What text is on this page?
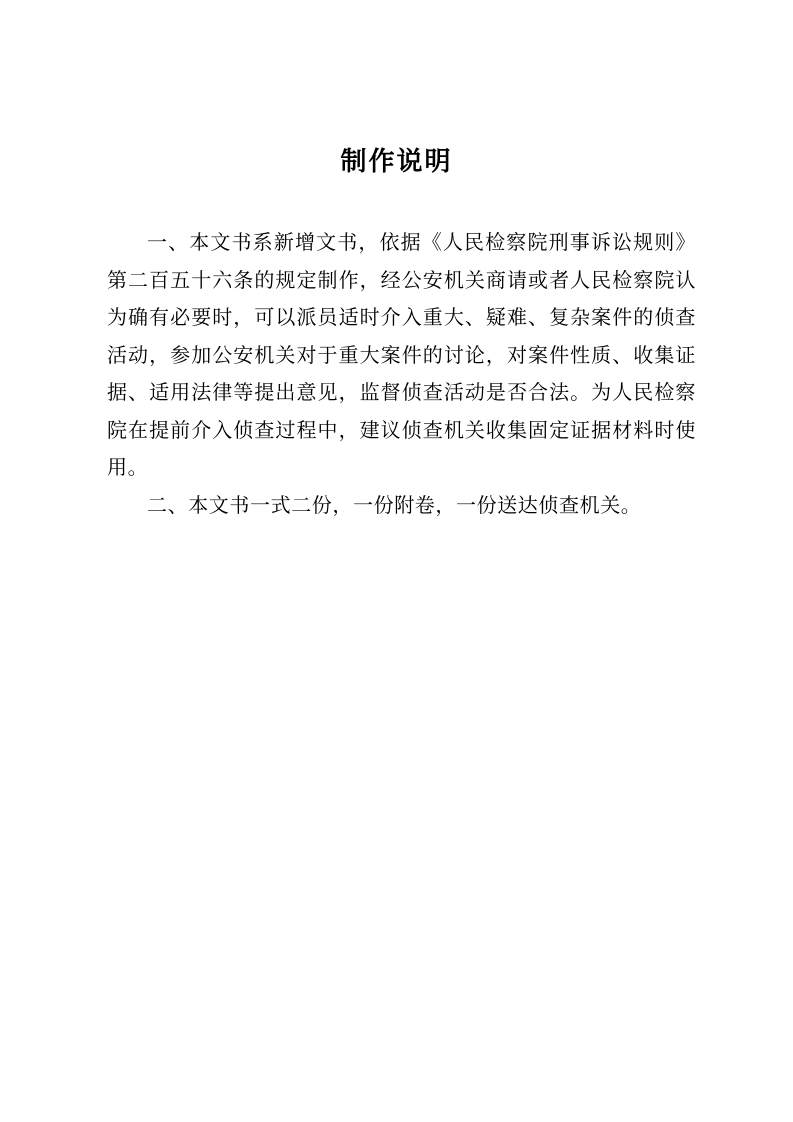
制作说明

一、本文书系新增文书，依据《人民检察院刑事诉讼规则》第二百五十六条的规定制作，经公安机关商请或者人民检察院认为确有必要时，可以派员适时介入重大、疑难、复杂案件的侦查活动，参加公安机关对于重大案件的讨论，对案件性质、收集证据、适用法律等提出意见，监督侦查活动是否合法。为人民检察院在提前介入侦查过程中，建议侦查机关收集固定证据材料时使用。

二、本文书一式二份，一份附卷，一份送达侦查机关。
